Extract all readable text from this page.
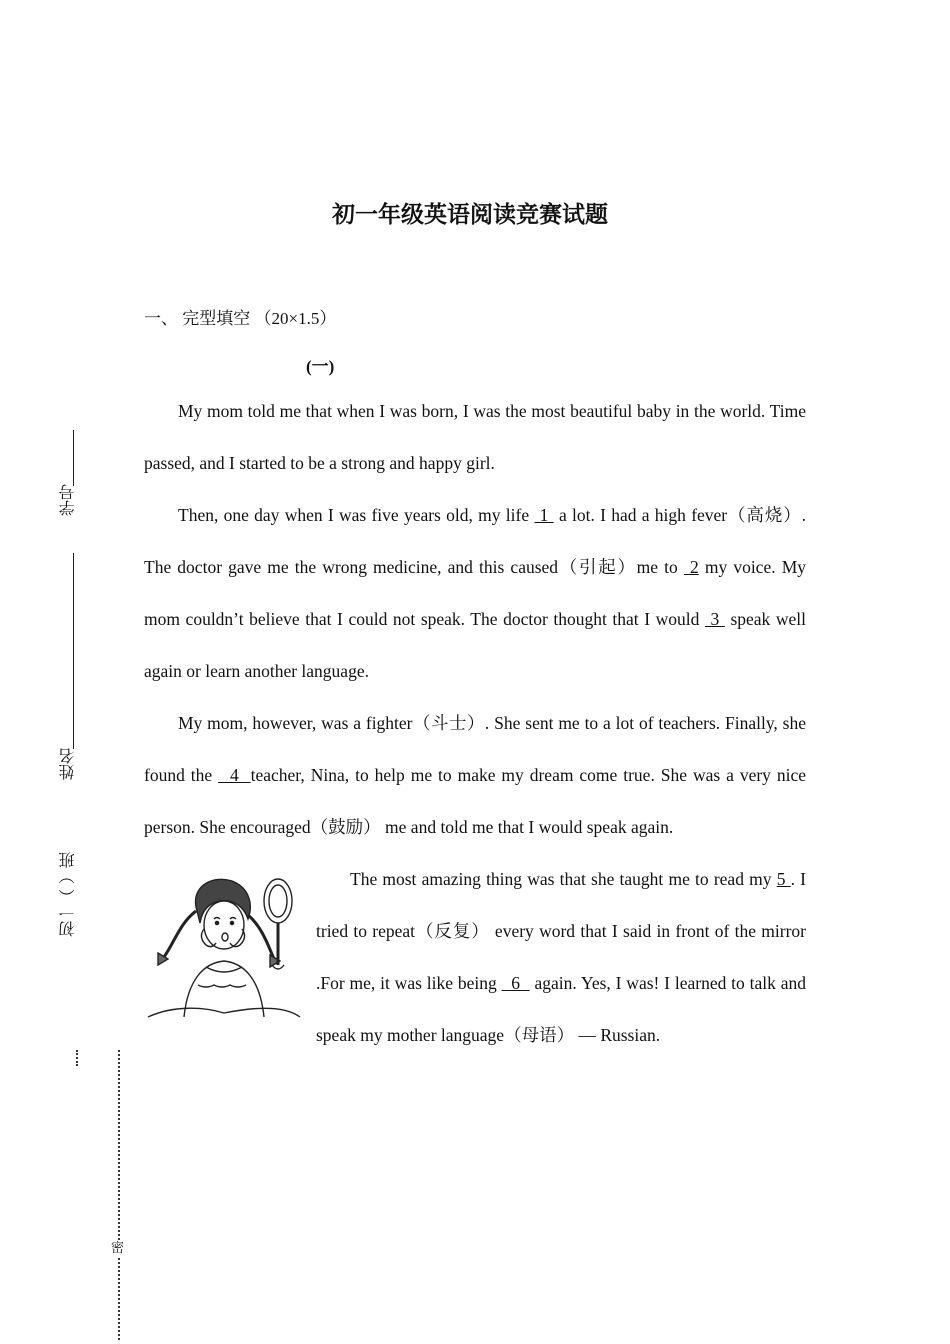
初一年级英语阅读竞赛试题
一、 完型填空 （20×1.5）
(一)

My mom told me that when I was born, I was the most beautiful baby in the world. Time passed, and I started to be a strong and happy girl.

Then, one day when I was five years old, my life  1  a lot. I had a high fever（高烧）. The doctor gave me the wrong medicine, and this caused（引起）me to  2 my voice. My mom couldn’t believe that I could not speak. The doctor thought that I would  3  speak well again or learn another language.

My mom, however, was a fighter（斗士）. She sent me to a lot of teachers. Finally, she found the   4  teacher, Nina, to help me to make my dream come true. She was a very nice person. She encouraged（鼓励） me and told me that I would speak again.

The most amazing thing was that she taught me to read my 5 . I tried to repeat（反复） every word that I said in front of the mirror .For me, it was like being   6   again. Yes, I was! I learned to talk and speak my mother language（母语） — Russian.

学号
姓名
初一（ ）班
密
